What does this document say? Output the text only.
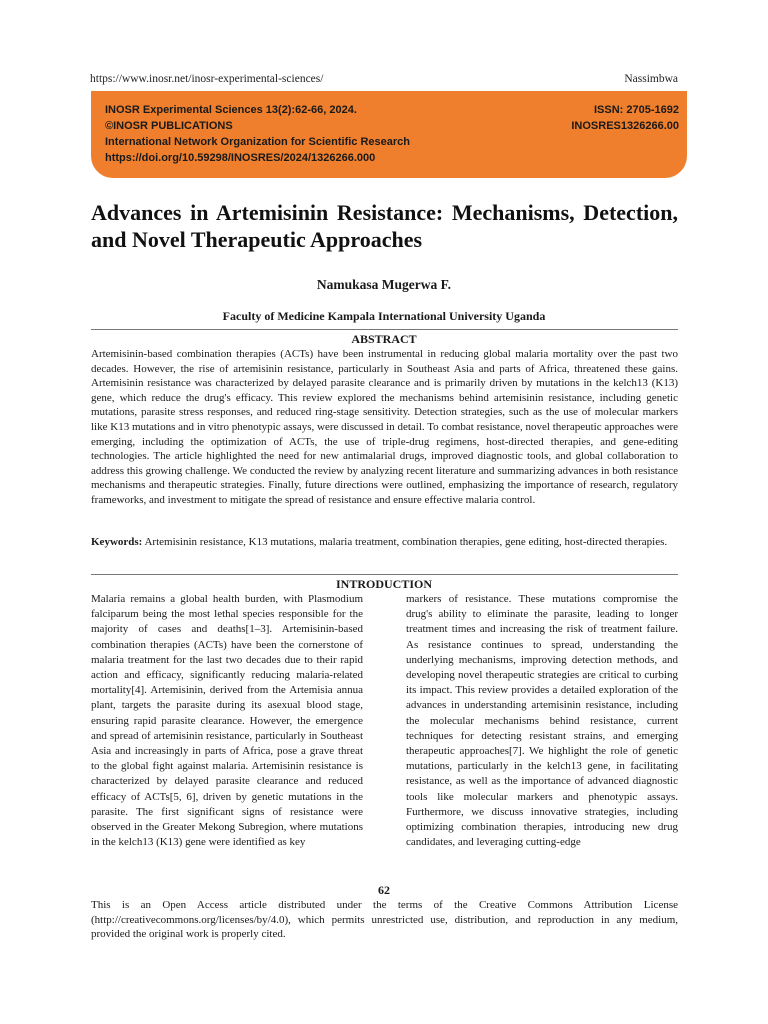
https://www.inosr.net/inosr-experimental-sciences/	Nassimbwa
INOSR Experimental Sciences 13(2):62-66, 2024.
©INOSR PUBLICATIONS
International Network Organization for Scientific Research
https://doi.org/10.59298/INOSRES/2024/1326266.000
ISSN: 2705-1692
INOSRES1326266.00
Advances in Artemisinin Resistance: Mechanisms, Detection, and Novel Therapeutic Approaches
Namukasa Mugerwa F.
Faculty of Medicine Kampala International University Uganda
ABSTRACT
Artemisinin-based combination therapies (ACTs) have been instrumental in reducing global malaria mortality over the past two decades. However, the rise of artemisinin resistance, particularly in Southeast Asia and parts of Africa, threatened these gains. Artemisinin resistance was characterized by delayed parasite clearance and is primarily driven by mutations in the kelch13 (K13) gene, which reduce the drug's efficacy. This review explored the mechanisms behind artemisinin resistance, including genetic mutations, parasite stress responses, and reduced ring-stage sensitivity. Detection strategies, such as the use of molecular markers like K13 mutations and in vitro phenotypic assays, were discussed in detail. To combat resistance, novel therapeutic approaches were emerging, including the optimization of ACTs, the use of triple-drug regimens, host-directed therapies, and gene-editing technologies. The article highlighted the need for new antimalarial drugs, improved diagnostic tools, and global collaboration to address this growing challenge. We conducted the review by analyzing recent literature and summarizing advances in both resistance mechanisms and therapeutic strategies. Finally, future directions were outlined, emphasizing the importance of research, regulatory frameworks, and investment to mitigate the spread of resistance and ensure effective malaria control.
Keywords: Artemisinin resistance, K13 mutations, malaria treatment, combination therapies, gene editing, host-directed therapies.
INTRODUCTION
Malaria remains a global health burden, with Plasmodium falciparum being the most lethal species responsible for the majority of cases and deaths[1–3]. Artemisinin-based combination therapies (ACTs) have been the cornerstone of malaria treatment for the last two decades due to their rapid action and efficacy, significantly reducing malaria-related mortality[4]. Artemisinin, derived from the Artemisia annua plant, targets the parasite during its asexual blood stage, ensuring rapid parasite clearance. However, the emergence and spread of artemisinin resistance, particularly in Southeast Asia and increasingly in parts of Africa, pose a grave threat to the global fight against malaria. Artemisinin resistance is characterized by delayed parasite clearance and reduced efficacy of ACTs[5, 6], driven by genetic mutations in the parasite. The first significant signs of resistance were observed in the Greater Mekong Subregion, where mutations in the kelch13 (K13) gene were identified as key
markers of resistance. These mutations compromise the drug's ability to eliminate the parasite, leading to longer treatment times and increasing the risk of treatment failure. As resistance continues to spread, understanding the underlying mechanisms, improving detection methods, and developing novel therapeutic strategies are critical to curbing its impact. This review provides a detailed exploration of the advances in understanding artemisinin resistance, including the molecular mechanisms behind resistance, current techniques for detecting resistant strains, and emerging therapeutic approaches[7]. We highlight the role of genetic mutations, particularly in the kelch13 gene, in facilitating resistance, as well as the importance of advanced diagnostic tools like molecular markers and phenotypic assays. Furthermore, we discuss innovative strategies, including optimizing combination therapies, introducing new drug candidates, and leveraging cutting-edge
62
This is an Open Access article distributed under the terms of the Creative Commons Attribution License (http://creativecommons.org/licenses/by/4.0), which permits unrestricted use, distribution, and reproduction in any medium, provided the original work is properly cited.
